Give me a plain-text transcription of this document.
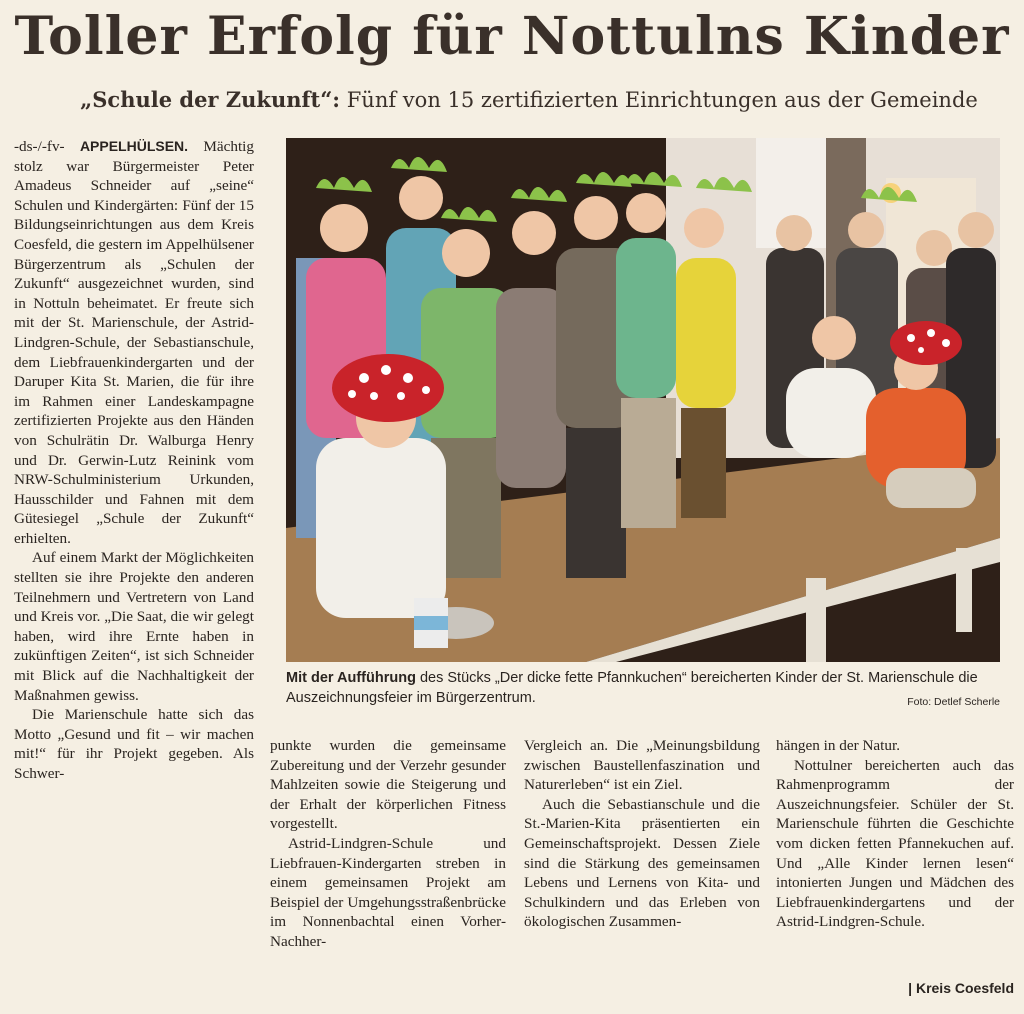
Toller Erfolg für Nottulns Kinder
„Schule der Zukunft“: Fünf von 15 zertifizierten Einrichtungen aus der Gemeinde

-ds-/-fv- APPELHÜLSEN. Mächtig stolz war Bürgermeister Peter Amadeus Schneider auf „seine“ Schulen und Kindergärten: Fünf der 15 Bildungseinrichtungen aus dem Kreis Coesfeld, die gestern im Appelhülsener Bürgerzentrum als „Schulen der Zukunft“ ausgezeichnet wurden, sind in Nottuln beheimatet. Er freute sich mit der St. Marienschule, der Astrid-Lindgren-Schule, der Sebastianschule, dem Liebfrauenkindergarten und der Daruper Kita St. Marien, die für ihre im Rahmen einer Landeskampagne zertifizierten Projekte aus den Händen von Schulrätin Dr. Walburga Henry und Dr. Gerwin-Lutz Reinink vom NRW-Schulministerium Urkunden, Hausschilder und Fahnen mit dem Gütesiegel „Schule der Zukunft“ erhielten.

Auf einem Markt der Möglichkeiten stellten sie ihre Projekte den anderen Teilnehmern und Vertretern von Land und Kreis vor. „Die Saat, die wir gelegt haben, wird ihre Ernte haben in zukünftigen Zeiten“, ist sich Schneider mit Blick auf die Nachhaltigkeit der Maßnahmen gewiss.

Die Marienschule hatte sich das Motto „Gesund und fit – wir machen mit!“ für ihr Projekt gegeben. Als Schwer-

Mit der Aufführung des Stücks „Der dicke fette Pfannkuchen“ bereicherten Kinder der St. Marienschule die Auszeichnungsfeier im Bürgerzentrum.	Foto: Detlef Scherle

punkte wurden die gemeinsame Zubereitung und der Verzehr gesunder Mahlzeiten sowie die Steigerung und der Erhalt der körperlichen Fitness vorgestellt.

Astrid-Lindgren-Schule und Liebfrauen-Kindergarten streben in einem gemeinsamen Projekt am Beispiel der Umgehungsstraßenbrücke im Nonnenbachtal einen Vorher-Nachher-

Vergleich an. Die „Meinungsbildung zwischen Baustellenfaszination und Naturerleben“ ist ein Ziel.

Auch die Sebastianschule und die St.-Marien-Kita präsentierten ein Gemeinschaftsprojekt. Dessen Ziele sind die Stärkung des gemeinsamen Lebens und Lernens von Kita- und Schulkindern und das Erleben von ökologischen Zusammen-

hängen in der Natur.

Nottulner bereicherten auch das Rahmenprogramm der Auszeichnungsfeier. Schüler der St. Marienschule führten die Geschichte vom dicken fetten Pfannekuchen auf. Und „Alle Kinder lernen lesen“ intonierten Jungen und Mädchen des Liebfrauenkindergartens und der Astrid-Lindgren-Schule.

| Kreis Coesfeld
